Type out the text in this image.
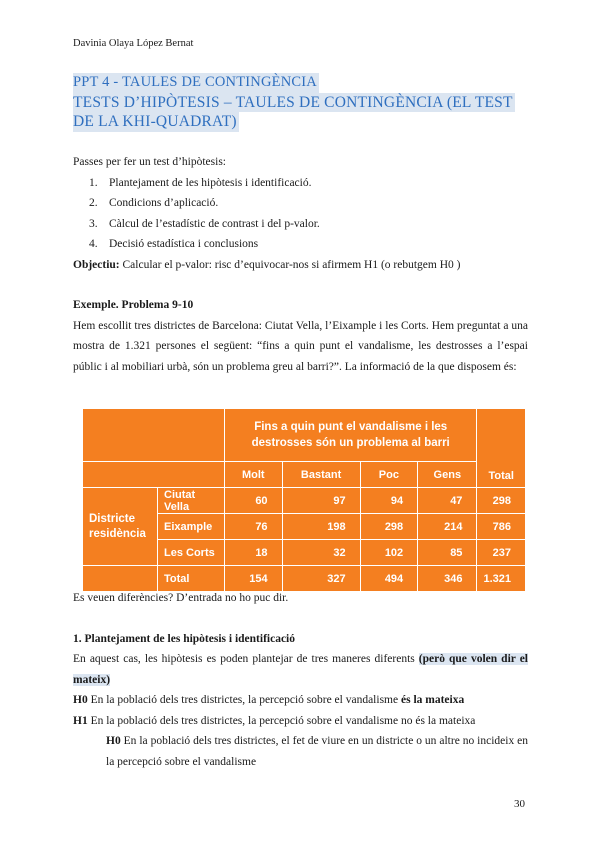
Davinia Olaya López Bernat
PPT 4 - TAULES DE CONTINGÈNCIA
TESTS D’HIPÒTESIS – TAULES DE CONTINGÈNCIA (EL TEST
DE LA KHI-QUADRAT)

Passes per fer un test d’hipòtesis:

1. Plantejament de les hipòtesis i identificació.
2. Condicions d’aplicació.
3. Càlcul de l’estadístic de contrast i del p-valor.
4. Decisió estadística i conclusions

Objectiu: Calcular el p-valor: risc d’equivocar-nos si afirmem H1 (o rebutgem H0 )

Exemple. Problema 9-10

Hem escollit tres districtes de Barcelona: Ciutat Vella, l’Eixample i les Corts. Hem preguntat a una mostra de 1.321 persones el següent: “fins a quin punt el vandalisme, les destrosses a l’espai públic i al mobiliari urbà, són un problema greu al barri?”. La informació de la que disposem és:

		Fins a quin punt el vandalisme i les destrosses són un problema al barri				Total
		Molt	Bastant	Poc	Gens	
Districte residència	Ciutat Vella	60	97	94	47	298
	Eixample	76	198	298	214	786
	Les Corts	18	32	102	85	237
	Total	154	327	494	346	1.321

Es veuen diferències? D’entrada no ho puc dir.

1. Plantejament de les hipòtesis i identificació

En aquest cas, les hipòtesis es poden plantejar de tres maneres diferents (però que volen dir el mateix)

H0 En la població dels tres districtes, la percepció sobre el vandalisme és la mateixa

H1 En la població dels tres districtes, la percepció sobre el vandalisme no és la mateixa

H0 En la població dels tres districtes, el fet de viure en un districte o un altre no incideix en la percepció sobre el vandalisme

30
